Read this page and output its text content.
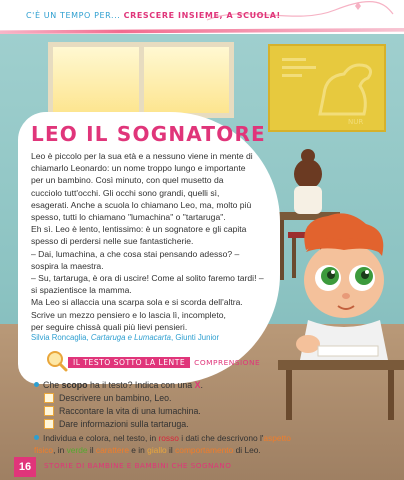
C'È UN TEMPO PER... CRESCERE INSIEME, A SCUOLA!
NUR
LEO IL SOGNATORE

Leo è piccolo per la sua età e a nessuno viene in mente di

chiamarlo Leonardo: un nome troppo lungo e importante

per un bambino. Così minuto, con quel musetto da

cucciolo tutt'occhi. Gli occhi sono grandi, quelli sì,

esagerati. Anche a scuola lo chiamano Leo, ma, molto più

spesso, tutti lo chiamano "lumachina" o "tartaruga".

Eh sì. Leo è lento, lentissimo: è un sognatore e gli capita

spesso di perdersi nelle sue fantasticherie.

– Dai, lumachina, a che cosa stai pensando adesso? –

sospira la maestra.

– Su, tartaruga, è ora di uscire! Come al solito faremo tardi! –

si spazientisce la mamma.

Ma Leo si allaccia una scarpa sola e si scorda dell'altra.

Scrive un mezzo pensiero e lo lascia lì, incompleto,

per seguire chissà quali più lievi pensieri.

Silvia Roncaglia, Cartaruga e Lumacarta, Giunti Junior
IL TESTO SOTTO LA LENTE	COMPRENSIONE
Che scopo ha il testo? Indica con una X.
Descrivere un bambino, Leo.
Raccontare la vita di una lumachina.
Dare informazioni sulla tartaruga.
Individua e colora, nel testo, in rosso i dati che descrivono l'aspetto
fisico, in verde il carattere e in giallo il comportamento di Leo.
16	STORIE DI BAMBINE E BAMBINI CHE SOGNANO
